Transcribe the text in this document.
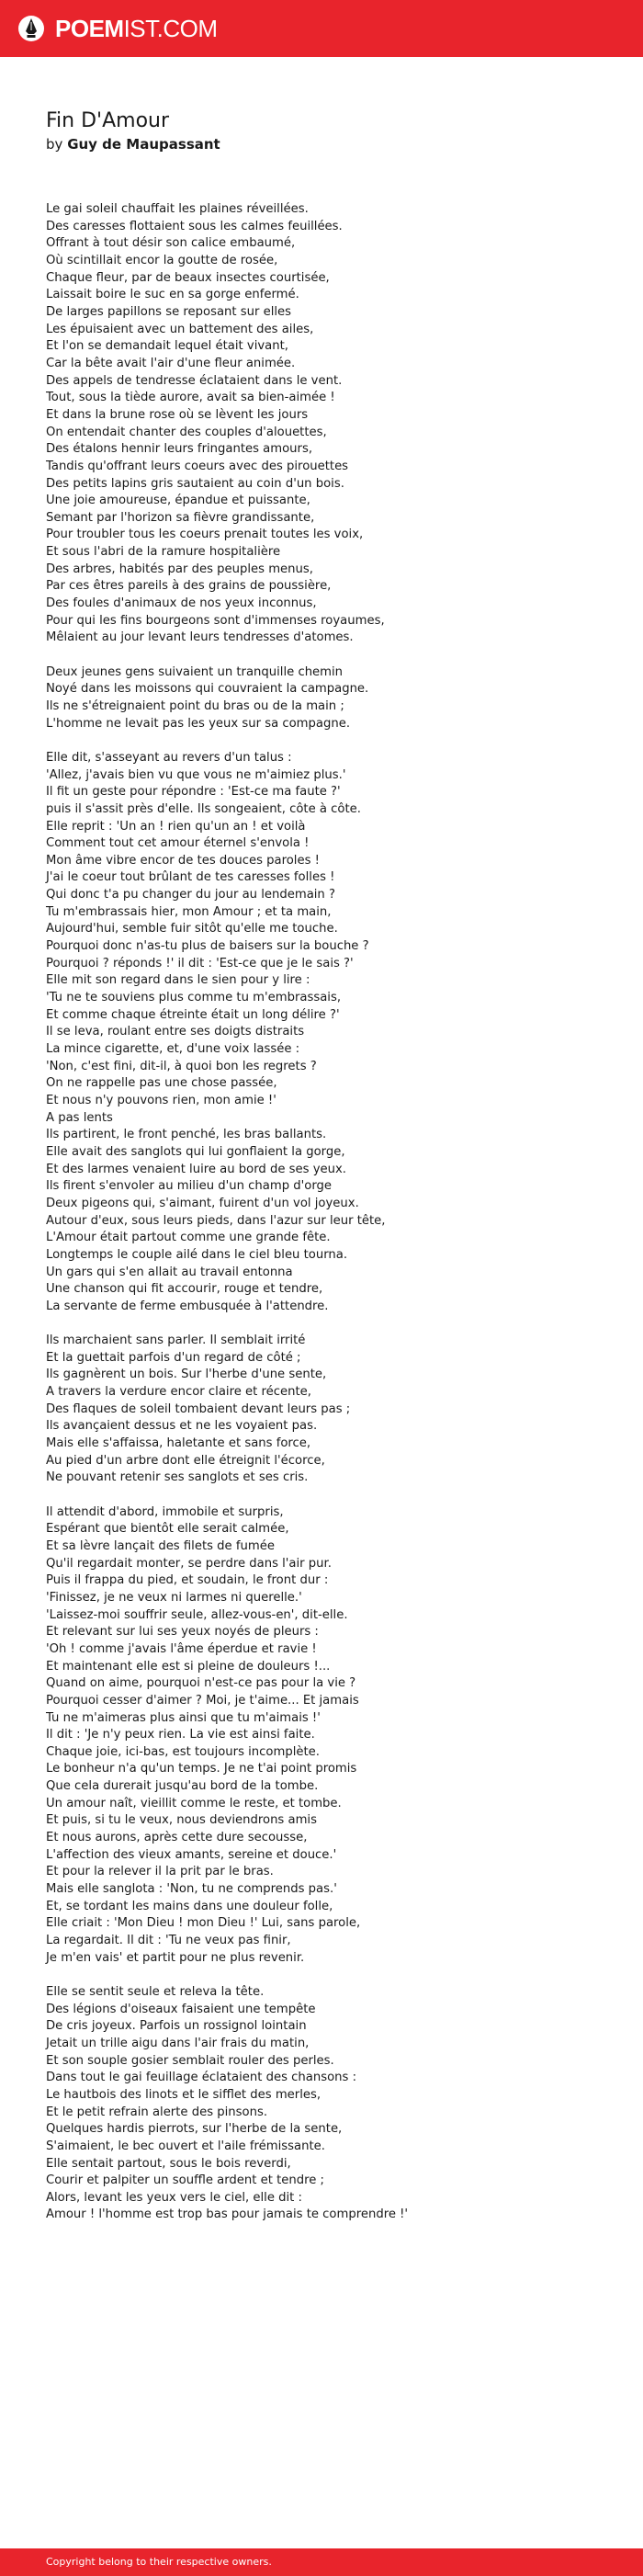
POEMIST.COM
Fin D'Amour
by Guy de Maupassant
Le gai soleil chauffait les plaines réveillées.
Des caresses flottaient sous les calmes feuillées.
Offrant à tout désir son calice embaumé,
Où scintillait encor la goutte de rosée,
Chaque fleur, par de beaux insectes courtisée,
Laissait boire le suc en sa gorge enfermé.
De larges papillons se reposant sur elles
Les épuisaient avec un battement des ailes,
Et l'on se demandait lequel était vivant,
Car la bête avait l'air d'une fleur animée.
Des appels de tendresse éclataient dans le vent.
Tout, sous la tiède aurore, avait sa bien-aimée !
Et dans la brune rose où se lèvent les jours
On entendait chanter des couples d'alouettes,
Des étalons hennir leurs fringantes amours,
Tandis qu'offrant leurs coeurs avec des pirouettes
Des petits lapins gris sautaient au coin d'un bois.
Une joie amoureuse, épandue et puissante,
Semant par l'horizon sa fièvre grandissante,
Pour troubler tous les coeurs prenait toutes les voix,
Et sous l'abri de la ramure hospitalière
Des arbres, habités par des peuples menus,
Par ces êtres pareils à des grains de poussière,
Des foules d'animaux de nos yeux inconnus,
Pour qui les fins bourgeons sont d'immenses royaumes,
Mêlaient au jour levant leurs tendresses d'atomes.
Deux jeunes gens suivaient un tranquille chemin
Noyé dans les moissons qui couvraient la campagne.
Ils ne s'étreignaient point du bras ou de la main ;
L'homme ne levait pas les yeux sur sa compagne.
Elle dit, s'asseyant au revers d'un talus :
'Allez, j'avais bien vu que vous ne m'aimiez plus.'
Il fit un geste pour répondre : 'Est-ce ma faute ?'
puis il s'assit près d'elle. Ils songeaient, côte à côte.
Elle reprit : 'Un an ! rien qu'un an ! et voilà
Comment tout cet amour éternel s'envola !
Mon âme vibre encor de tes douces paroles !
J'ai le coeur tout brûlant de tes caresses folles !
Qui donc t'a pu changer du jour au lendemain ?
Tu m'embrassais hier, mon Amour ; et ta main,
Aujourd'hui, semble fuir sitôt qu'elle me touche.
Pourquoi donc n'as-tu plus de baisers sur la bouche ?
Pourquoi ? réponds !' il dit : 'Est-ce que je le sais ?'
Elle mit son regard dans le sien pour y lire :
'Tu ne te souviens plus comme tu m'embrassais,
Et comme chaque étreinte était un long délire ?'
Il se leva, roulant entre ses doigts distraits
La mince cigarette, et, d'une voix lassée :
'Non, c'est fini, dit-il, à quoi bon les regrets ?
On ne rappelle pas une chose passée,
Et nous n'y pouvons rien, mon amie !'
A pas lents
Ils partirent, le front penché, les bras ballants.
Elle avait des sanglots qui lui gonflaient la gorge,
Et des larmes venaient luire au bord de ses yeux.
Ils firent s'envoler au milieu d'un champ d'orge
Deux pigeons qui, s'aimant, fuirent d'un vol joyeux.
Autour d'eux, sous leurs pieds, dans l'azur sur leur tête,
L'Amour était partout comme une grande fête.
Longtemps le couple ailé dans le ciel bleu tourna.
Un gars qui s'en allait au travail entonna
Une chanson qui fit accourir, rouge et tendre,
La servante de ferme embusquée à l'attendre.
Ils marchaient sans parler. Il semblait irrité
Et la guettait parfois d'un regard de côté ;
Ils gagnèrent un bois. Sur l'herbe d'une sente,
A travers la verdure encor claire et récente,
Des flaques de soleil tombaient devant leurs pas ;
Ils avançaient dessus et ne les voyaient pas.
Mais elle s'affaissa, haletante et sans force,
Au pied d'un arbre dont elle étreignit l'écorce,
Ne pouvant retenir ses sanglots et ses cris.
Il attendit d'abord, immobile et surpris,
Espérant que bientôt elle serait calmée,
Et sa lèvre lançait des filets de fumée
Qu'il regardait monter, se perdre dans l'air pur.
Puis il frappa du pied, et soudain, le front dur :
'Finissez, je ne veux ni larmes ni querelle.'
'Laissez-moi souffrir seule, allez-vous-en', dit-elle.
Et relevant sur lui ses yeux noyés de pleurs :
'Oh ! comme j'avais l'âme éperdue et ravie !
Et maintenant elle est si pleine de douleurs !...
Quand on aime, pourquoi n'est-ce pas pour la vie ?
Pourquoi cesser d'aimer ? Moi, je t'aime... Et jamais
Tu ne m'aimeras plus ainsi que tu m'aimais !'
Il dit : 'Je n'y peux rien. La vie est ainsi faite.
Chaque joie, ici-bas, est toujours incomplète.
Le bonheur n'a qu'un temps. Je ne t'ai point promis
Que cela durerait jusqu'au bord de la tombe.
Un amour naît, vieillit comme le reste, et tombe.
Et puis, si tu le veux, nous deviendrons amis
Et nous aurons, après cette dure secousse,
L'affection des vieux amants, sereine et douce.'
Et pour la relever il la prit par le bras.
Mais elle sanglota : 'Non, tu ne comprends pas.'
Et, se tordant les mains dans une douleur folle,
Elle criait : 'Mon Dieu ! mon Dieu !' Lui, sans parole,
La regardait. Il dit : 'Tu ne veux pas finir,
Je m'en vais' et partit pour ne plus revenir.
Elle se sentit seule et releva la tête.
Des légions d'oiseaux faisaient une tempête
De cris joyeux. Parfois un rossignol lointain
Jetait un trille aigu dans l'air frais du matin,
Et son souple gosier semblait rouler des perles.
Dans tout le gai feuillage éclataient des chansons :
Le hautbois des linots et le sifflet des merles,
Et le petit refrain alerte des pinsons.
Quelques hardis pierrots, sur l'herbe de la sente,
S'aimaient, le bec ouvert et l'aile frémissante.
Elle sentait partout, sous le bois reverdi,
Courir et palpiter un souffle ardent et tendre ;
Alors, levant les yeux vers le ciel, elle dit :
Amour ! l'homme est trop bas pour jamais te comprendre !'
Copyright belong to their respective owners.
